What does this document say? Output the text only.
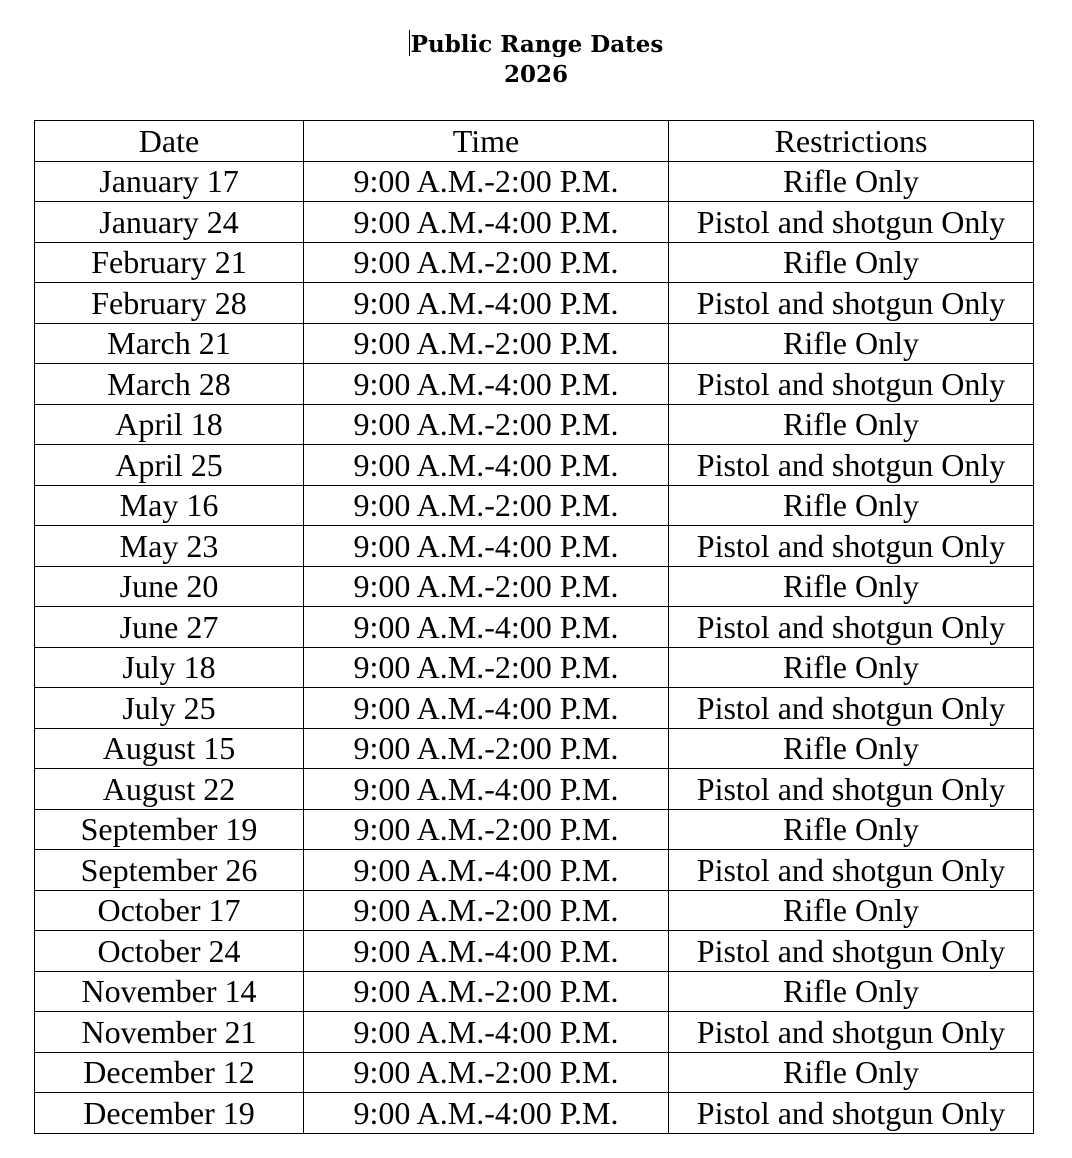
Public Range Dates
2026
Date	Time	Restrictions
January 17	9:00 A.M.-2:00 P.M.	Rifle Only
January 24	9:00 A.M.-4:00 P.M.	Pistol and shotgun Only
February 21	9:00 A.M.-2:00 P.M.	Rifle Only
February 28	9:00 A.M.-4:00 P.M.	Pistol and shotgun Only
March 21	9:00 A.M.-2:00 P.M.	Rifle Only
March 28	9:00 A.M.-4:00 P.M.	Pistol and shotgun Only
April 18	9:00 A.M.-2:00 P.M.	Rifle Only
April 25	9:00 A.M.-4:00 P.M.	Pistol and shotgun Only
May 16	9:00 A.M.-2:00 P.M.	Rifle Only
May 23	9:00 A.M.-4:00 P.M.	Pistol and shotgun Only
June 20	9:00 A.M.-2:00 P.M.	Rifle Only
June 27	9:00 A.M.-4:00 P.M.	Pistol and shotgun Only
July 18	9:00 A.M.-2:00 P.M.	Rifle Only
July 25	9:00 A.M.-4:00 P.M.	Pistol and shotgun Only
August 15	9:00 A.M.-2:00 P.M.	Rifle Only
August 22	9:00 A.M.-4:00 P.M.	Pistol and shotgun Only
September 19	9:00 A.M.-2:00 P.M.	Rifle Only
September 26	9:00 A.M.-4:00 P.M.	Pistol and shotgun Only
October 17	9:00 A.M.-2:00 P.M.	Rifle Only
October 24	9:00 A.M.-4:00 P.M.	Pistol and shotgun Only
November 14	9:00 A.M.-2:00 P.M.	Rifle Only
November 21	9:00 A.M.-4:00 P.M.	Pistol and shotgun Only
December 12	9:00 A.M.-2:00 P.M.	Rifle Only
December 19	9:00 A.M.-4:00 P.M.	Pistol and shotgun Only
